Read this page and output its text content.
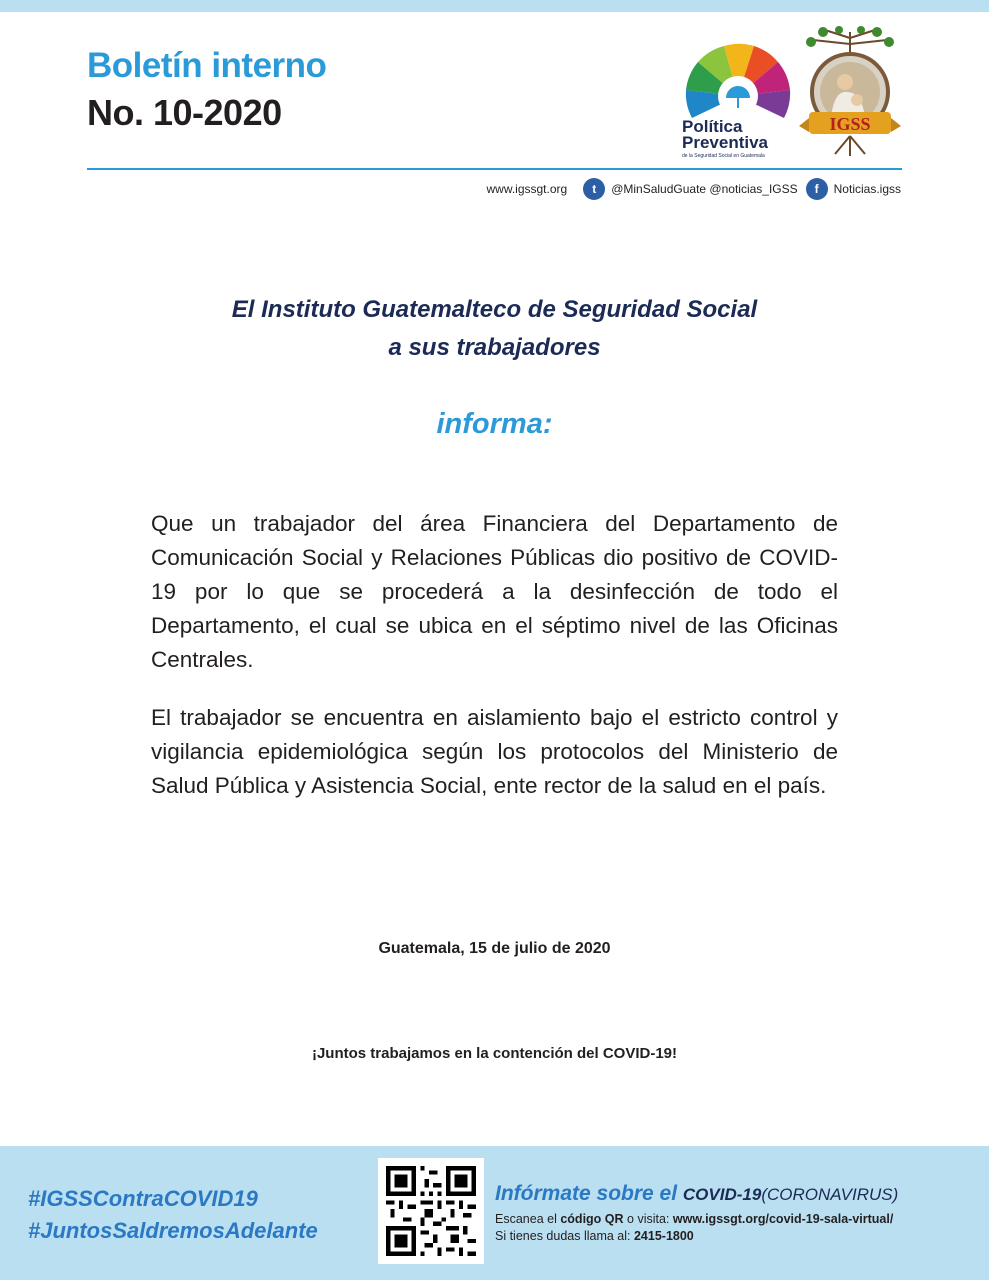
Boletín interno
No. 10-2020	Política
Preventiva
de la Seguridad Social en Guatemala
IGSS
www.igssgt.org	t	@MinSaludGuate @noticias_IGSS	f	Noticias.igss
El Instituto Guatemalteco de Seguridad Social
a sus trabajadores
informa:

Que un trabajador del área Financiera del Departamento de Comunicación Social y Relaciones Públicas dio positivo de COVID-19 por lo que se procederá a la desinfección de todo el Departamento, el cual se ubica en el séptimo nivel de las Oficinas Centrales.

El trabajador se encuentra en aislamiento bajo el estricto control y vigilancia epidemiológica según los protocolos del Ministerio de Salud Pública y Asistencia Social, ente rector de la salud en el país.

Guatemala, 15 de julio de 2020
¡Juntos trabajamos en la contención del COVID-19!
#IGSSContraCOVID19
#JuntosSaldremosAdelante
Infórmate sobre el COVID-19(CORONAVIRUS)
Escanea el código QR o visita: www.igssgt.org/covid-19-sala-virtual/
Si tienes dudas llama al: 2415-1800
